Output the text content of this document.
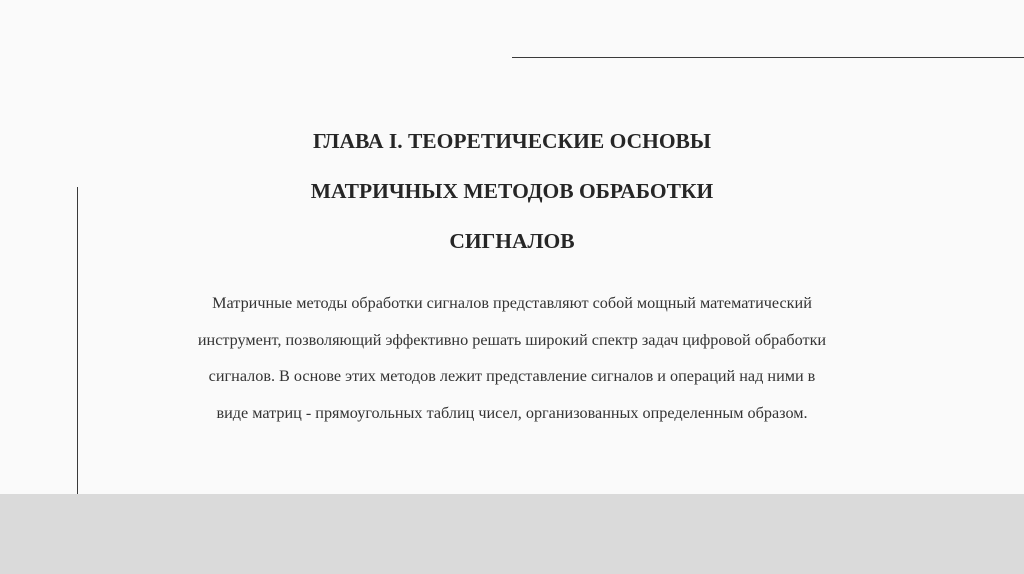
ГЛАВА I. ТЕОРЕТИЧЕСКИЕ ОСНОВЫ
МАТРИЧНЫХ МЕТОДОВ ОБРАБОТКИ
СИГНАЛОВ

Матричные методы обработки сигналов представляют собой мощный математический
инструмент, позволяющий эффективно решать широкий спектр задач цифровой обработки
сигналов. В основе этих методов лежит представление сигналов и операций над ними в
виде матриц - прямоугольных таблиц чисел, организованных определенным образом.
